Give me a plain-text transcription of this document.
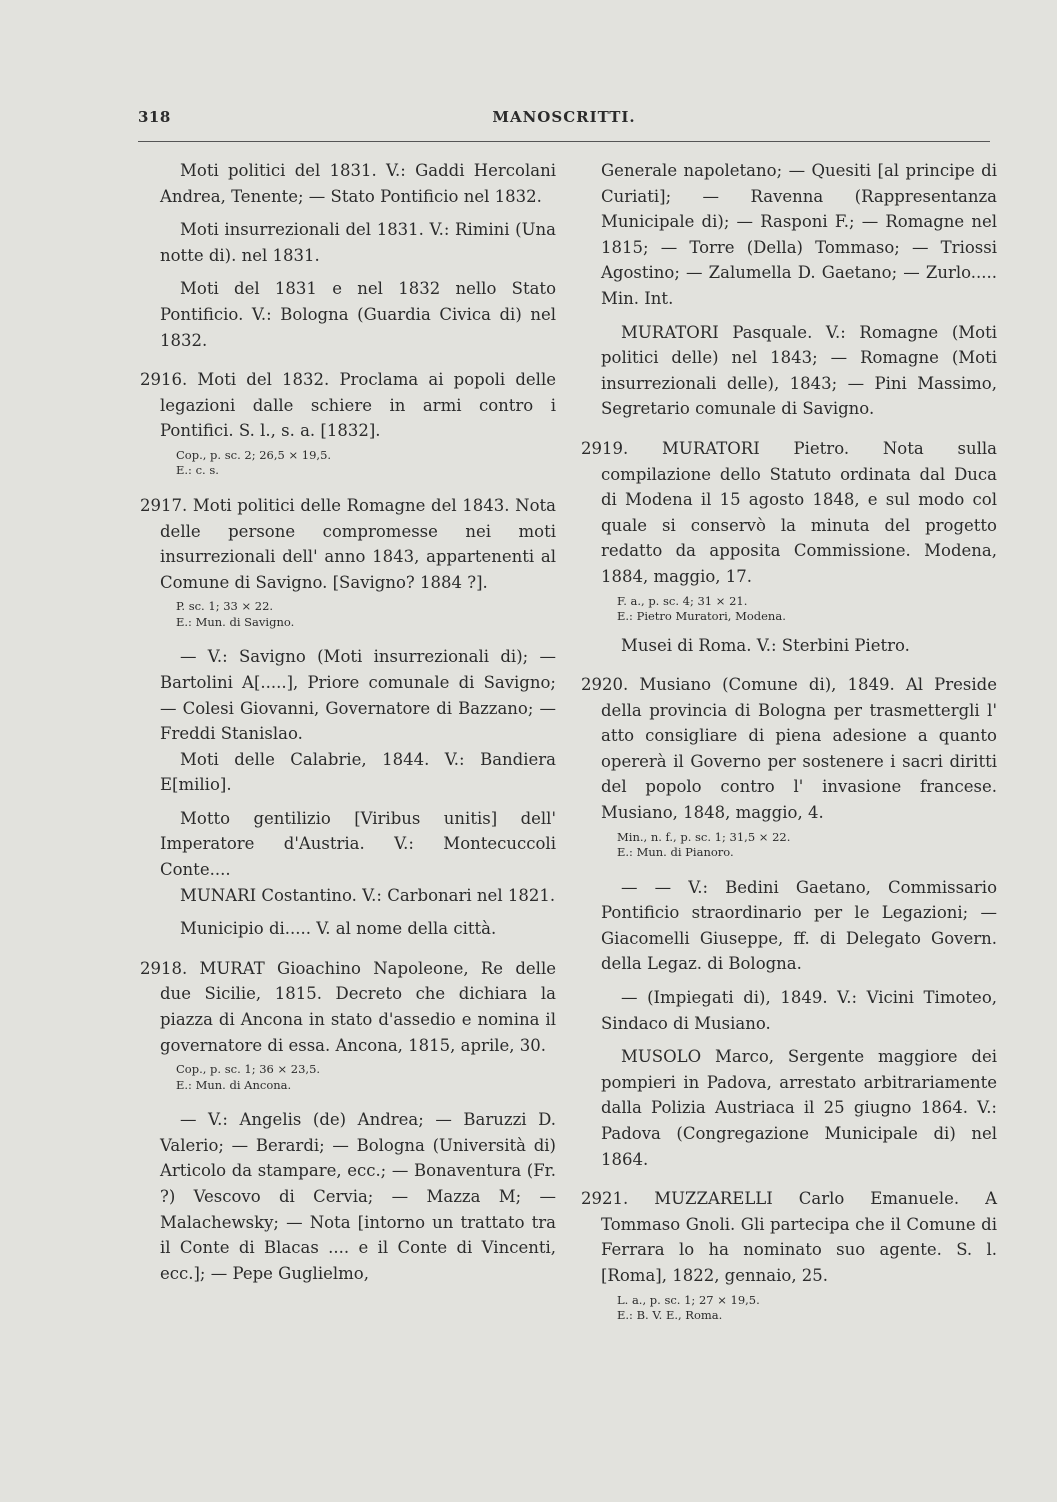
318	MANOSCRITTI.

Moti politici del 1831. V.: Gaddi Hercolani Andrea, Tenente; — Stato Pontificio nel 1832.

Moti insurrezionali del 1831. V.: Rimini (Una notte di). nel 1831.

Moti del 1831 e nel 1832 nello Stato Pontificio. V.: Bologna (Guardia Civica di) nel 1832.

2916. Moti del 1832. Proclama ai popoli delle legazioni dalle schiere in armi contro i Pontifici. S. l., s. a. [1832].

Cop., p. sc. 2; 26,5 × 19,5.
E.: c. s.

2917. Moti politici delle Romagne del 1843. Nota delle persone compromesse nei moti insurrezionali dell' anno 1843, appartenenti al Comune di Savigno. [Savigno? 1884 ?].

P. sc. 1; 33 × 22.
E.: Mun. di Savigno.

— V.: Savigno (Moti insurrezionali di); — Bartolini A[.....], Priore comunale di Savigno; — Colesi Giovanni, Governatore di Bazzano; — Freddi Stanislao.

Moti delle Calabrie, 1844. V.: Bandiera E[milio].

Motto gentilizio [Viribus unitis] dell' Imperatore d'Austria. V.: Montecuccoli Conte....

MUNARI Costantino. V.: Carbonari nel 1821.

Municipio di..... V. al nome della città.

2918. MURAT Gioachino Napoleone, Re delle due Sicilie, 1815. Decreto che dichiara la piazza di Ancona in stato d'assedio e nomina il governatore di essa. Ancona, 1815, aprile, 30.

Cop., p. sc. 1; 36 × 23,5.
E.: Mun. di Ancona.

— V.: Angelis (de) Andrea; — Baruzzi D. Valerio; — Berardi; — Bologna (Università di) Articolo da stampare, ecc.; — Bonaventura (Fr. ?) Vescovo di Cervia; — Mazza M; — Malachewsky; — Nota [intorno un trattato tra il Conte di Blacas .... e il Conte di Vincenti, ecc.]; — Pepe Guglielmo,

Generale napoletano; — Quesiti [al principe di Curiati]; — Ravenna (Rappresentanza Municipale di); — Rasponi F.; — Romagne nel 1815; — Torre (Della) Tommaso; — Triossi Agostino; — Zalumella D. Gaetano; — Zurlo..... Min. Int.

MURATORI Pasquale. V.: Romagne (Moti politici delle) nel 1843; — Romagne (Moti insurrezionali delle), 1843; — Pini Massimo, Segretario comunale di Savigno.

2919. MURATORI Pietro. Nota sulla compilazione dello Statuto ordinata dal Duca di Modena il 15 agosto 1848, e sul modo col quale si conservò la minuta del progetto redatto da apposita Commissione. Modena, 1884, maggio, 17.

F. a., p. sc. 4; 31 × 21.
E.: Pietro Muratori, Modena.

Musei di Roma. V.: Sterbini Pietro.

2920. Musiano (Comune di), 1849. Al Preside della provincia di Bologna per trasmettergli l' atto consigliare di piena adesione a quanto opererà il Governo per sostenere i sacri diritti del popolo contro l' invasione francese. Musiano, 1848, maggio, 4.

Min., n. f., p. sc. 1; 31,5 × 22.
E.: Mun. di Pianoro.

— — V.: Bedini Gaetano, Commissario Pontificio straordinario per le Legazioni; — Giacomelli Giuseppe, ff. di Delegato Govern. della Legaz. di Bologna.

— (Impiegati di), 1849. V.: Vicini Timoteo, Sindaco di Musiano.

MUSOLO Marco, Sergente maggiore dei pompieri in Padova, arrestato arbitrariamente dalla Polizia Austriaca il 25 giugno 1864. V.: Padova (Congregazione Municipale di) nel 1864.

2921. MUZZARELLI Carlo Emanuele. A Tommaso Gnoli. Gli partecipa che il Comune di Ferrara lo ha nominato suo agente. S. l. [Roma], 1822, gennaio, 25.

L. a., p. sc. 1; 27 × 19,5.
E.: B. V. E., Roma.
